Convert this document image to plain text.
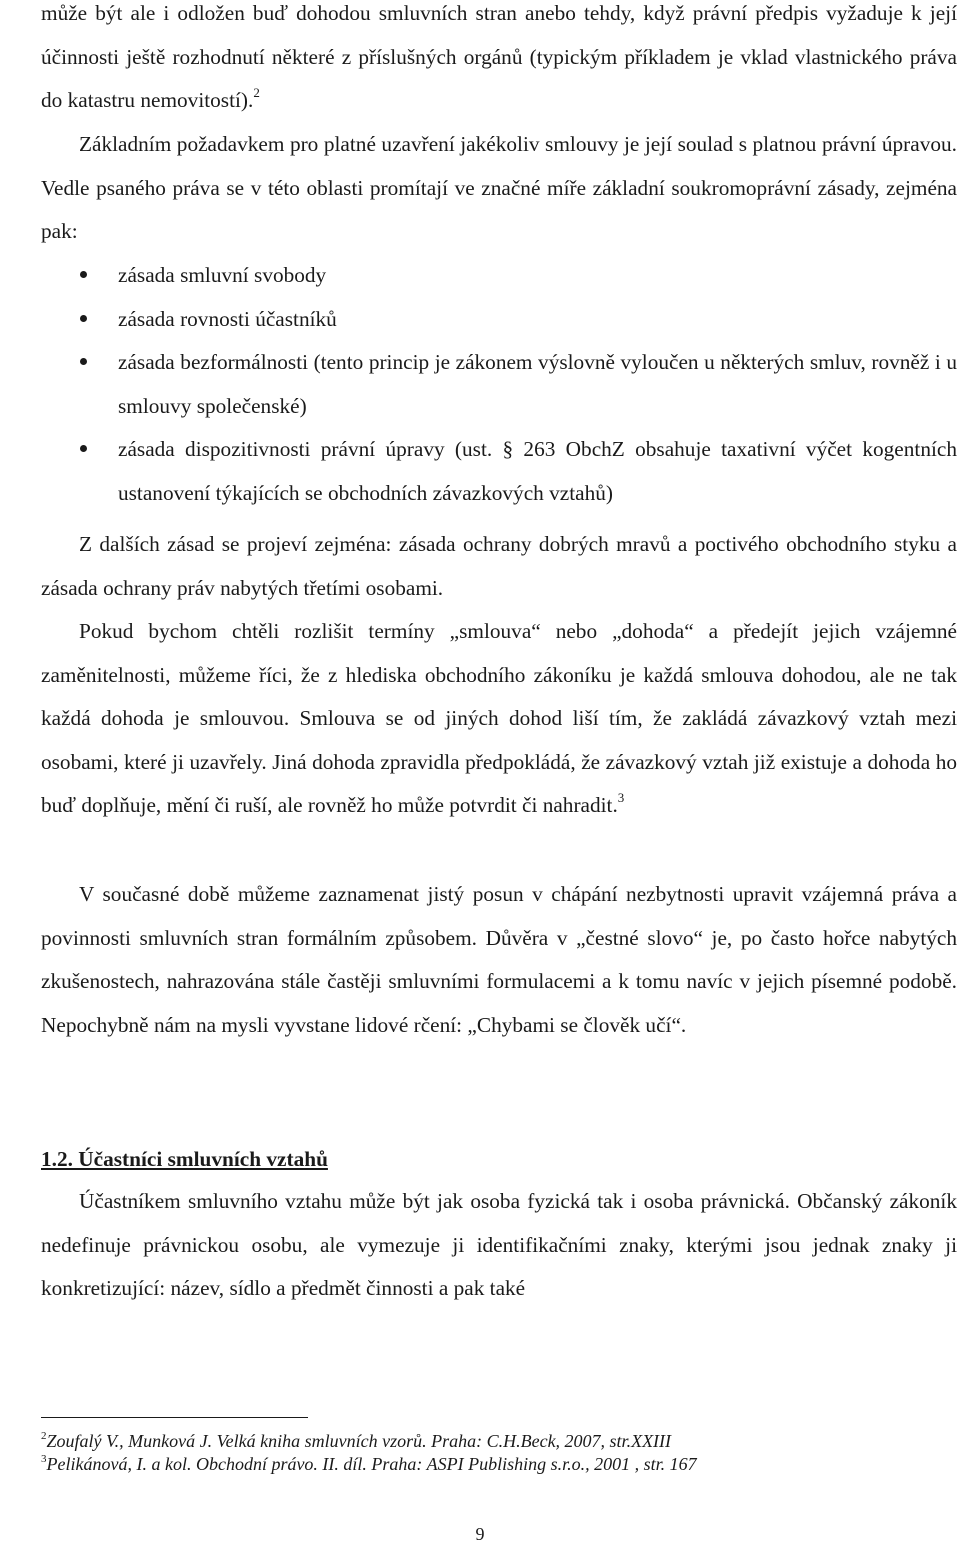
může být ale i odložen buď dohodou smluvních stran anebo tehdy, když právní předpis vyžaduje k její účinnosti ještě rozhodnutí některé z příslušných orgánů (typickým příkladem je vklad vlastnického práva do katastru nemovitostí).$^2$

Základním požadavkem pro platné uzavření jakékoliv smlouvy je její soulad s platnou právní úpravou. Vedle psaného práva se v této oblasti promítají ve značné míře základní soukromoprávní zásady, zejména pak:

zásada smluvní svobody
zásada rovnosti účastníků
zásada bezformálnosti (tento princip je zákonem výslovně vyloučen u některých smluv, rovněž i u smlouvy společenské)
zásada dispozitivnosti právní úpravy (ust. § 263 ObchZ obsahuje taxativní výčet kogentních ustanovení týkajících se obchodních závazkových vztahů)

Z dalších zásad se projeví zejména: zásada ochrany dobrých mravů a poctivého obchodního styku a zásada ochrany práv nabytých třetími osobami.

Pokud bychom chtěli rozlišit termíny „smlouva“ nebo „dohoda“ a předejít jejich vzájemné zaměnitelnosti, můžeme říci, že z hlediska obchodního zákoníku je každá smlouva dohodou, ale ne tak každá dohoda je smlouvou. Smlouva se od jiných dohod liší tím, že zakládá závazkový vztah mezi osobami, které ji uzavřely. Jiná dohoda zpravidla předpokládá, že závazkový vztah již existuje a dohoda ho buď doplňuje, mění či ruší, ale rovněž ho může potvrdit či nahradit.$^3$

V současné době můžeme zaznamenat jistý posun v chápání nezbytnosti upravit vzájemná práva a povinnosti smluvních stran formálním způsobem. Důvěra v „čestné slovo“ je, po často hořce nabytých zkušenostech, nahrazována stále častěji smluvními formulacemi a k tomu navíc v jejich písemné podobě. Nepochybně nám na mysli vyvstane lidové rčení: „Chybami se člověk učí“.

1.2. Účastníci smluvních vztahů

Účastníkem smluvního vztahu může být jak osoba fyzická tak i osoba právnická. Občanský zákoník nedefinuje právnickou osobu, ale vymezuje ji identifikačními znaky, kterými jsou jednak znaky ji konkretizující: název, sídlo a předmět činnosti a pak také

$^2$Zoufalý V., Munková J. Velká kniha smluvních vzorů. Praha: C.H.Beck, 2007, str.XXIII
$^3$Pelikánová, I. a kol. Obchodní právo. II. díl. Praha: ASPI Publishing s.r.o., 2001 , str. 167
9
